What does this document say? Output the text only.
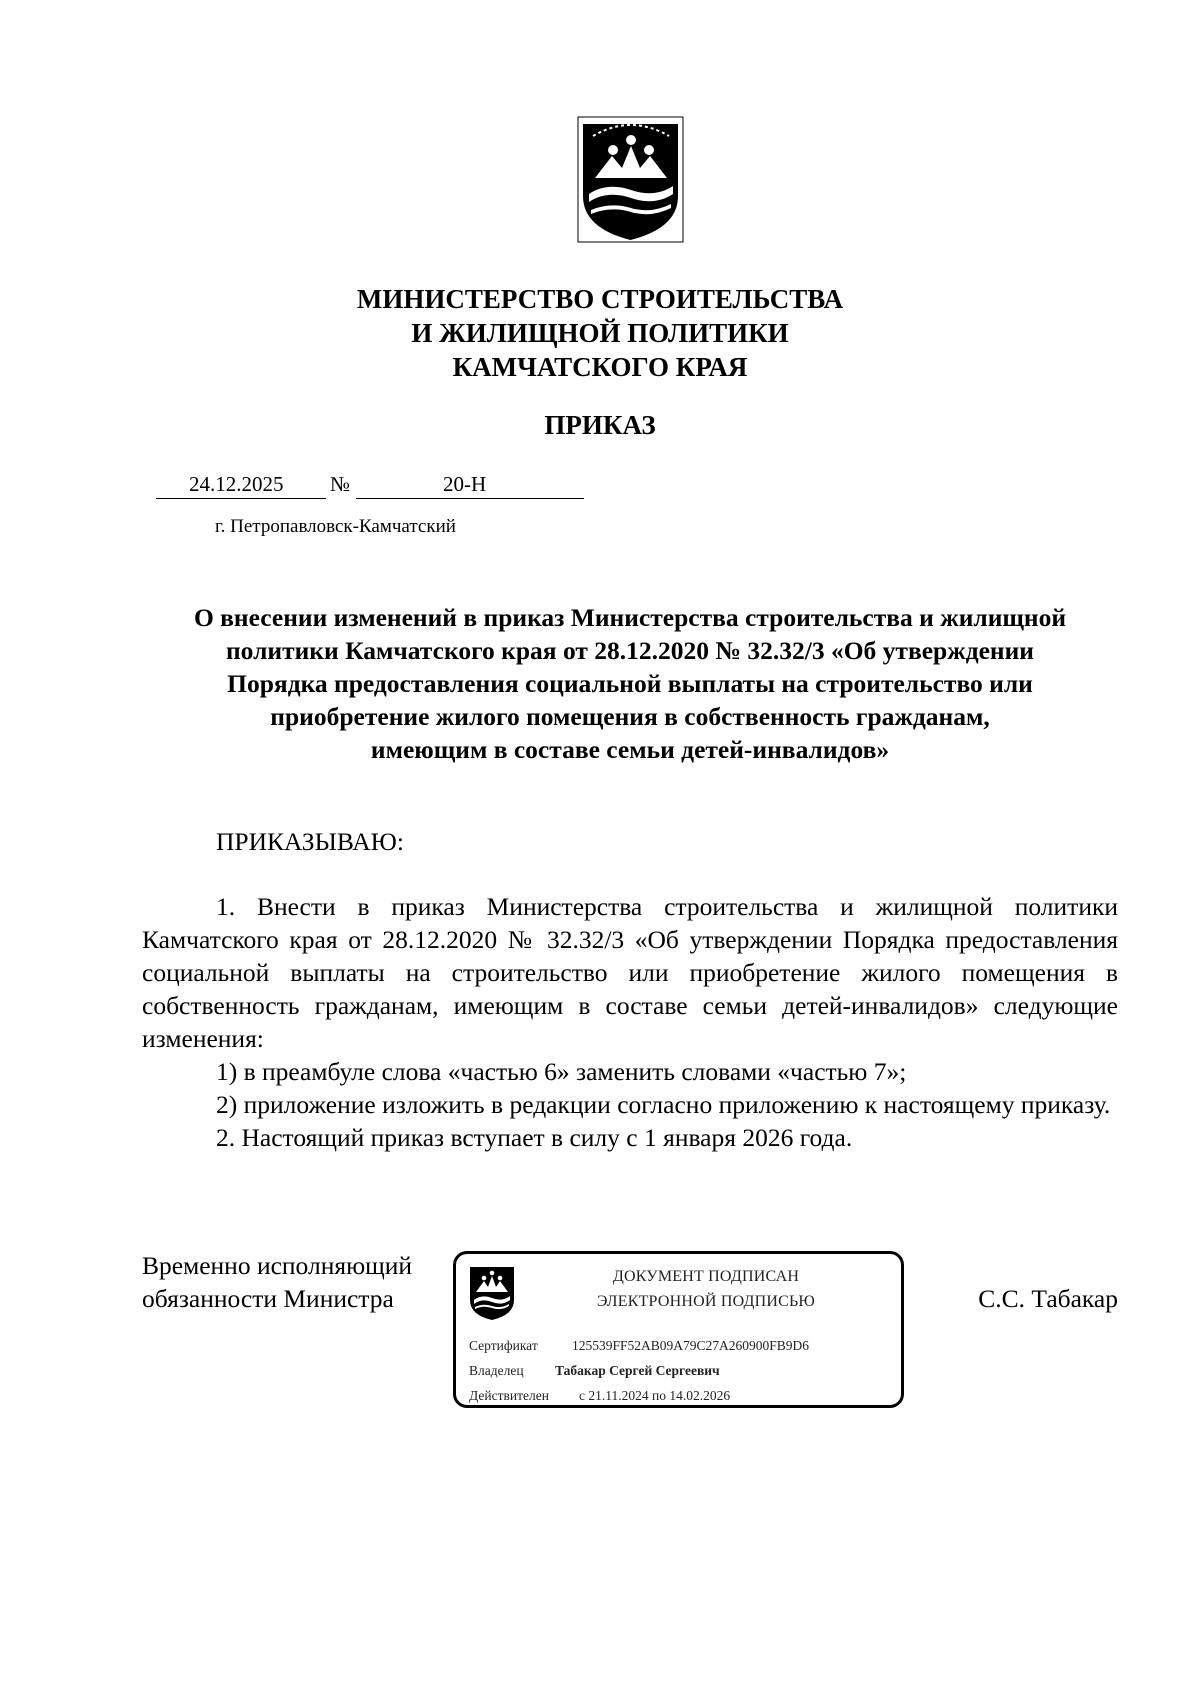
МИНИСТЕРСТВО СТРОИТЕЛЬСТВА
И ЖИЛИЩНОЙ ПОЛИТИКИ
КАМЧАТСКОГО КРАЯ
ПРИКАЗ
24.12.2025 №	20-Н
г. Петропавловск-Камчатский
О внесении изменений в приказ Министерства строительства и жилищной
политики Камчатского края от 28.12.2020 № 32.32/3 «Об утверждении
Порядка предоставления социальной выплаты на строительство или
приобретение жилого помещения в собственность гражданам,
имеющим в составе семьи детей-инвалидов»
ПРИКАЗЫВАЮ:

1. Внести в приказ Министерства строительства и жилищной политики Камчатского края от 28.12.2020 № 32.32/3 «Об утверждении Порядка предоставления социальной выплаты на строительство или приобретение жилого помещения в собственность гражданам, имеющим в составе семьи детей-инвалидов» следующие изменения:

1) в преамбуле слова «частью 6» заменить словами «частью 7»;

2) приложение изложить в редакции согласно приложению к настоящему приказу.

2. Настоящий приказ вступает в силу с 1 января 2026 года.

Временно исполняющий
обязанности Министра
ДОКУМЕНТ ПОДПИСАН
ЭЛЕКТРОННОЙ ПОДПИСЬЮ
Сертификат	125539FF52AB09A79C27A260900FB9D6
Владелец Табакар Сергей Сергеевич
Действителен с 21.11.2024 по 14.02.2026
С.С. Табакар
